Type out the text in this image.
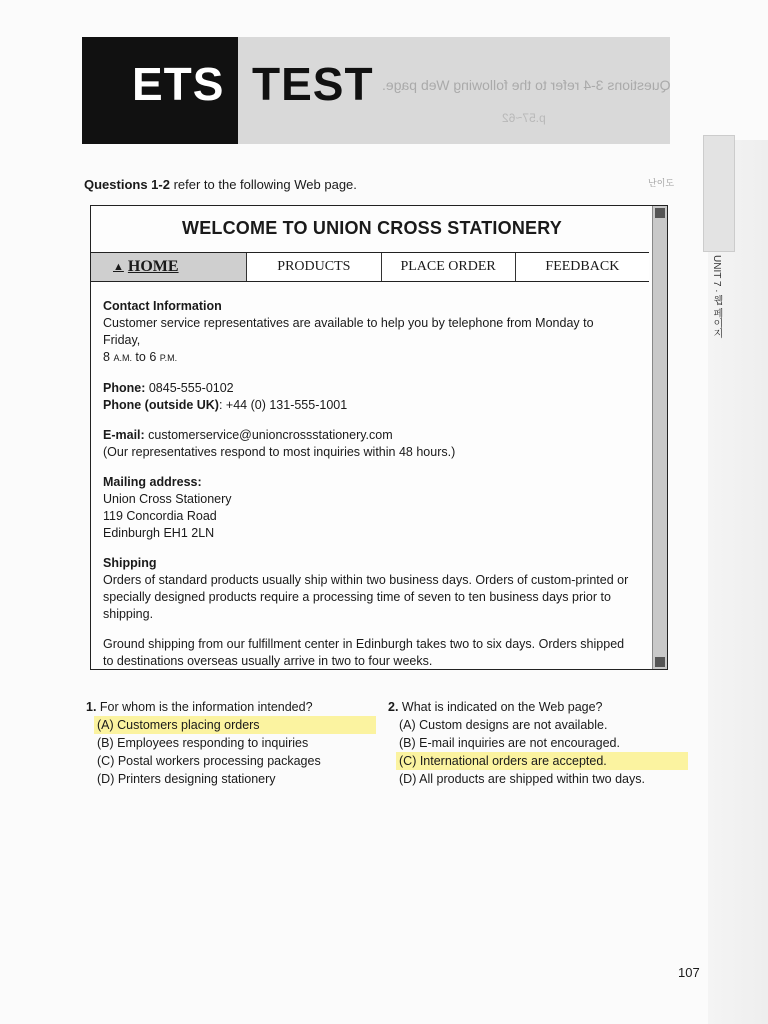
ETS TEST Questions 3-4 refer to the following Web page.
p.57~62
UNIT 7 · 웹 페이지
난이도
Questions 1-2 refer to the following Web page.
WELCOME TO UNION CROSS STATIONERY
▲ HOME	PRODUCTS	PLACE ORDER	FEEDBACK

Contact Information
Customer service representatives are available to help you by telephone from Monday to Friday,
8 A.M. to 6 P.M.

Phone: 0845-555-0102
Phone (outside UK): +44 (0) 131-555-1001

E-mail: customerservice@unioncrossstationery.com
(Our representatives respond to most inquiries within 48 hours.)

Mailing address:
Union Cross Stationery
119 Concordia Road
Edinburgh EH1 2LN

Shipping
Orders of standard products usually ship within two business days. Orders of custom-printed or specially designed products require a processing time of seven to ten business days prior to shipping.

Ground shipping from our fulfillment center in Edinburgh takes two to six days. Orders shipped to destinations overseas usually arrive in two to four weeks.

1. For whom is the information intended?
(A) Customers placing orders
(B) Employees responding to inquiries
(C) Postal workers processing packages
(D) Printers designing stationery
2. What is indicated on the Web page?
(A) Custom designs are not available.
(B) E-mail inquiries are not encouraged.
(C) International orders are accepted.
(D) All products are shipped within two days.
107
